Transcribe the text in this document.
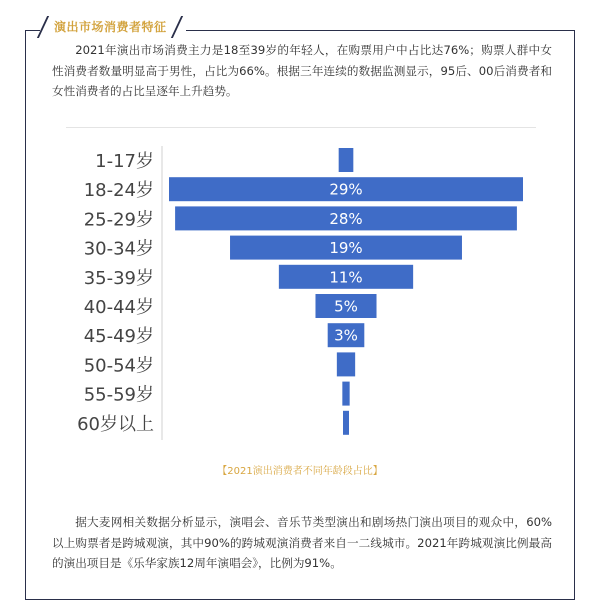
演出市场消费者特征
2021年演出市场消费主力是18至39岁的年轻人，在购票用户中占比达76%；购票人群中女性消费者数量明显高于男性，占比为66%。根据三年连续的数据监测显示，95后、00后消费者和女性消费者的占比呈逐年上升趋势。
1-17岁
18-24岁	29%
25-29岁	28%
30-34岁	19%
35-39岁	11%
40-44岁	5%
45-49岁	3%
50-54岁
55-59岁
60岁以上
【2021演出消费者不同年龄段占比】
据大麦网相关数据分析显示，演唱会、音乐节类型演出和剧场热门演出项目的观众中，60%以上购票者是跨城观演，其中90%的跨城观演消费者来自一二线城市。2021年跨城观演比例最高的演出项目是《乐华家族12周年演唱会》，比例为91%。
